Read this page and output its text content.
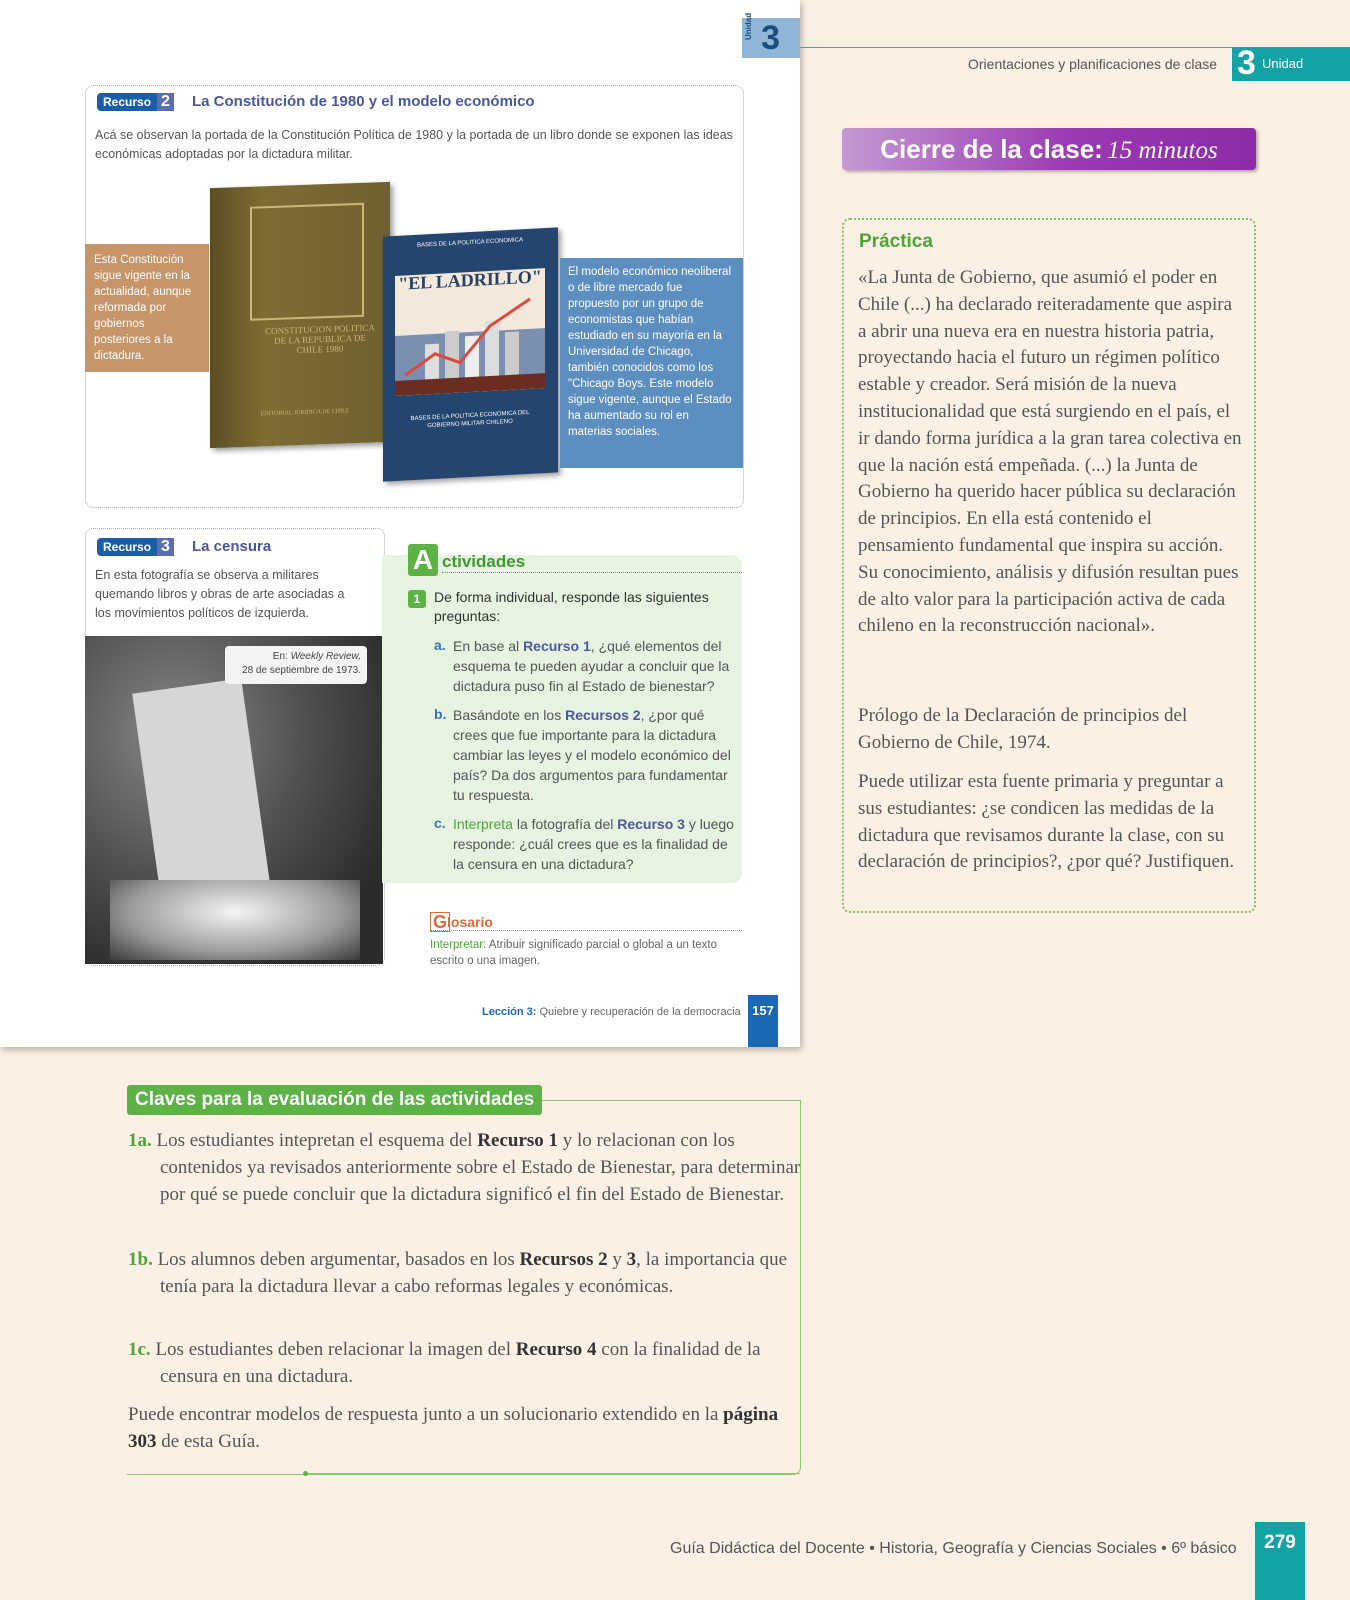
Unidad 3
Recurso 2 La Constitución de 1980 y el modelo económico
Acá se observan la portada de la Constitución Política de 1980 y la portada de un libro donde se exponen las ideas económicas adoptadas por la dictadura militar.
CONSTITUCION POLITICA DE LA REPUBLICA DE CHILE 1980
EDITORIAL JURIDICA DE CHILE
BASES DE LA POLITICA ECONOMICA
"EL LADRILLO"
BASES DE LA POLITICA ECONOMICA DEL GOBIERNO MILITAR CHILENO
Esta Constitución sigue vigente en la actualidad, aunque reformada por gobiernos posteriores a la dictadura.
El modelo económico neoliberal o de libre mercado fue propuesto por un grupo de economistas que habían estudiado en su mayoría en la Universidad de Chicago, también conocidos como los "Chicago Boys. Este modelo sigue vigente, aunque el Estado ha aumentado su rol en materias sociales.
Recurso 3 La censura
En esta fotografía se observa a militares quemando libros y obras de arte asociadas a los movimientos políticos de izquierda.
En: Weekly Review,
28 de septiembre de 1973.
A ctividades
1 De forma individual, responde las siguientes preguntas:
a. En base al Recurso 1, ¿qué elementos del esquema te pueden ayudar a concluir que la dictadura puso fin al Estado de bienestar?
b. Basándote en los Recursos 2, ¿por qué crees que fue importante para la dictadura cambiar las leyes y el modelo económico del país? Da dos argumentos para fundamentar tu respuesta.
c. Interpreta la fotografía del Recurso 3 y luego responde: ¿cuál crees que es la finalidad de la censura en una dictadura?
G losario
Interpretar: Atribuir significado parcial o global a un texto escrito o una imagen.
Lección 3: Quiebre y recuperación de la democracia 157
Orientaciones y planificaciones de clase 3 Unidad
Cierre de la clase: 15 minutos
Práctica
«La Junta de Gobierno, que asumió el poder en Chile (...) ha declarado reiteradamente que aspira a abrir una nueva era en nuestra historia patria, proyectando hacia el futuro un régimen político estable y creador. Será misión de la nueva institucionalidad que está surgiendo en el país, el ir dando forma jurídica a la gran tarea colectiva en que la nación está empeñada. (...) la Junta de Gobierno ha querido hacer pública su declaración de principios. En ella está contenido el pensamiento fundamental que inspira su acción. Su conocimiento, análisis y difusión resultan pues de alto valor para la participación activa de cada chileno en la reconstrucción nacional».
Prólogo de la Declaración de principios del Gobierno de Chile, 1974.
Puede utilizar esta fuente primaria y preguntar a sus estudiantes: ¿se condicen las medidas de la dictadura que revisamos durante la clase, con su declaración de principios?, ¿por qué? Justifiquen.
Claves para la evaluación de las actividades
1a. Los estudiantes intepretan el esquema del Recurso 1 y lo relacionan con los contenidos ya revisados anteriormente sobre el Estado de Bienestar, para determinar por qué se puede concluir que la dictadura significó el fin del Estado de Bienestar.
1b. Los alumnos deben argumentar, basados en los Recursos 2 y 3, la importancia que tenía para la dictadura llevar a cabo reformas legales y económicas.
1c. Los estudiantes deben relacionar la imagen del Recurso 4 con la finalidad de la censura en una dictadura.
Puede encontrar modelos de respuesta junto a un solucionario extendido en la página 303 de esta Guía.
Guía Didáctica del Docente • Historia, Geografía y Ciencias Sociales • 6º básico	279
